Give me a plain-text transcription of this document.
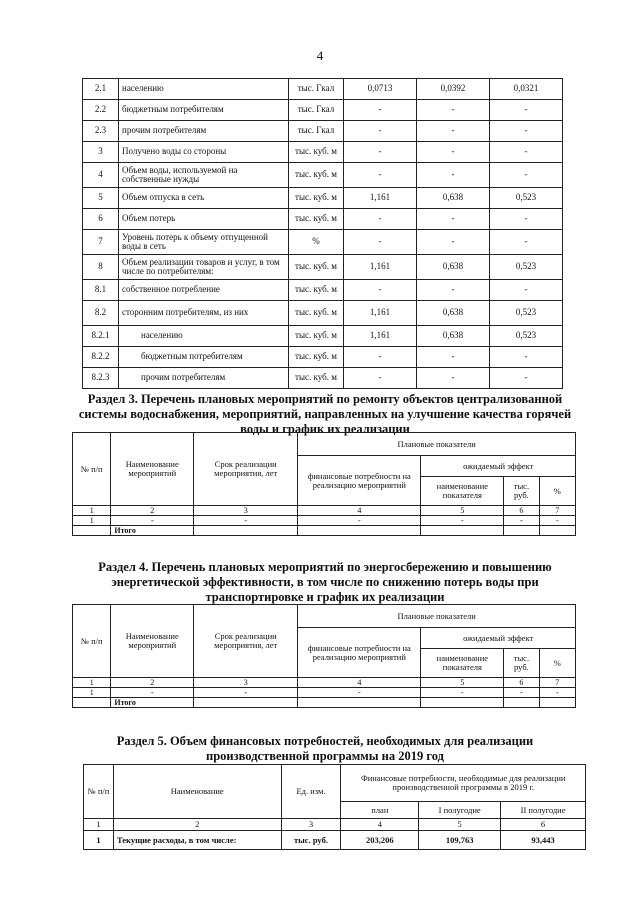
4
2.1	населению	тыс. Гкал	0,0713	0,0392	0,0321
2.2	бюджетным потребителям	тыс. Гкал	-	-	-
2.3	прочим потребителям	тыс. Гкал	-	-	-
3	Получено воды со стороны	тыс. куб. м	-	-	-
4	Объем воды, используемой на собственные нужды	тыс. куб. м	-	-	-
5	Объем отпуска в сеть	тыс. куб. м	1,161	0,638	0,523
6	Объем потерь	тыс. куб. м	-	-	-
7	Уровень потерь к объему отпущенной воды в сеть	%	-	-	-
8	Объем реализации товаров и услуг, в том числе по потребителям:	тыс. куб. м	1,161	0,638	0,523
8.1	собственное потребление	тыс. куб. м	-	-	-
8.2	сторонним потребителям, из них	тыс. куб. м	1,161	0,638	0,523
8.2.1	населению	тыс. куб. м	1,161	0,638	0,523
8.2.2	бюджетным потребителям	тыс. куб. м	-	-	-
8.2.3	прочим потребителям	тыс. куб. м	-	-	-
Раздел 3. Перечень плановых мероприятий по ремонту объектов централизованной системы водоснабжения, мероприятий, направленных на улучшение качества горячей воды и график их реализации
№ п/п	Наименование мероприятий	Срок реализации мероприятия, лет	Плановые показатели			
			финансовые потребности на реализацию мероприятий	ожидаемый эффект		
				наименование показателя	тыс. руб.	%
1	2	3	4	5	6	7
1	-	-	-	-	-	-
	Итого					
Раздел 4. Перечень плановых мероприятий по энергосбережению и повышению энергетической эффективности, в том числе по снижению потерь воды при транспортировке и график их реализации
№ п/п	Наименование мероприятий	Срок реализации мероприятия, лет	Плановые показатели			
			финансовые потребности на реализацию мероприятий	ожидаемый эффект		
				наименование показателя	тыс. руб.	%
1	2	3	4	5	6	7
1	-	-	-	-	-	-
	Итого					
Раздел 5. Объем финансовых потребностей, необходимых для реализации производственной программы на 2019 год
№ п/п	Наименование	Ед. изм.	Финансовые потребности, необходимые для реализации производственной программы в 2019 г.		
			план	I полугодие	II полугодие
1	2	3	4	5	6
1	Текущие расходы, в том числе:	тыс. руб.	203,206	109,763	93,443
